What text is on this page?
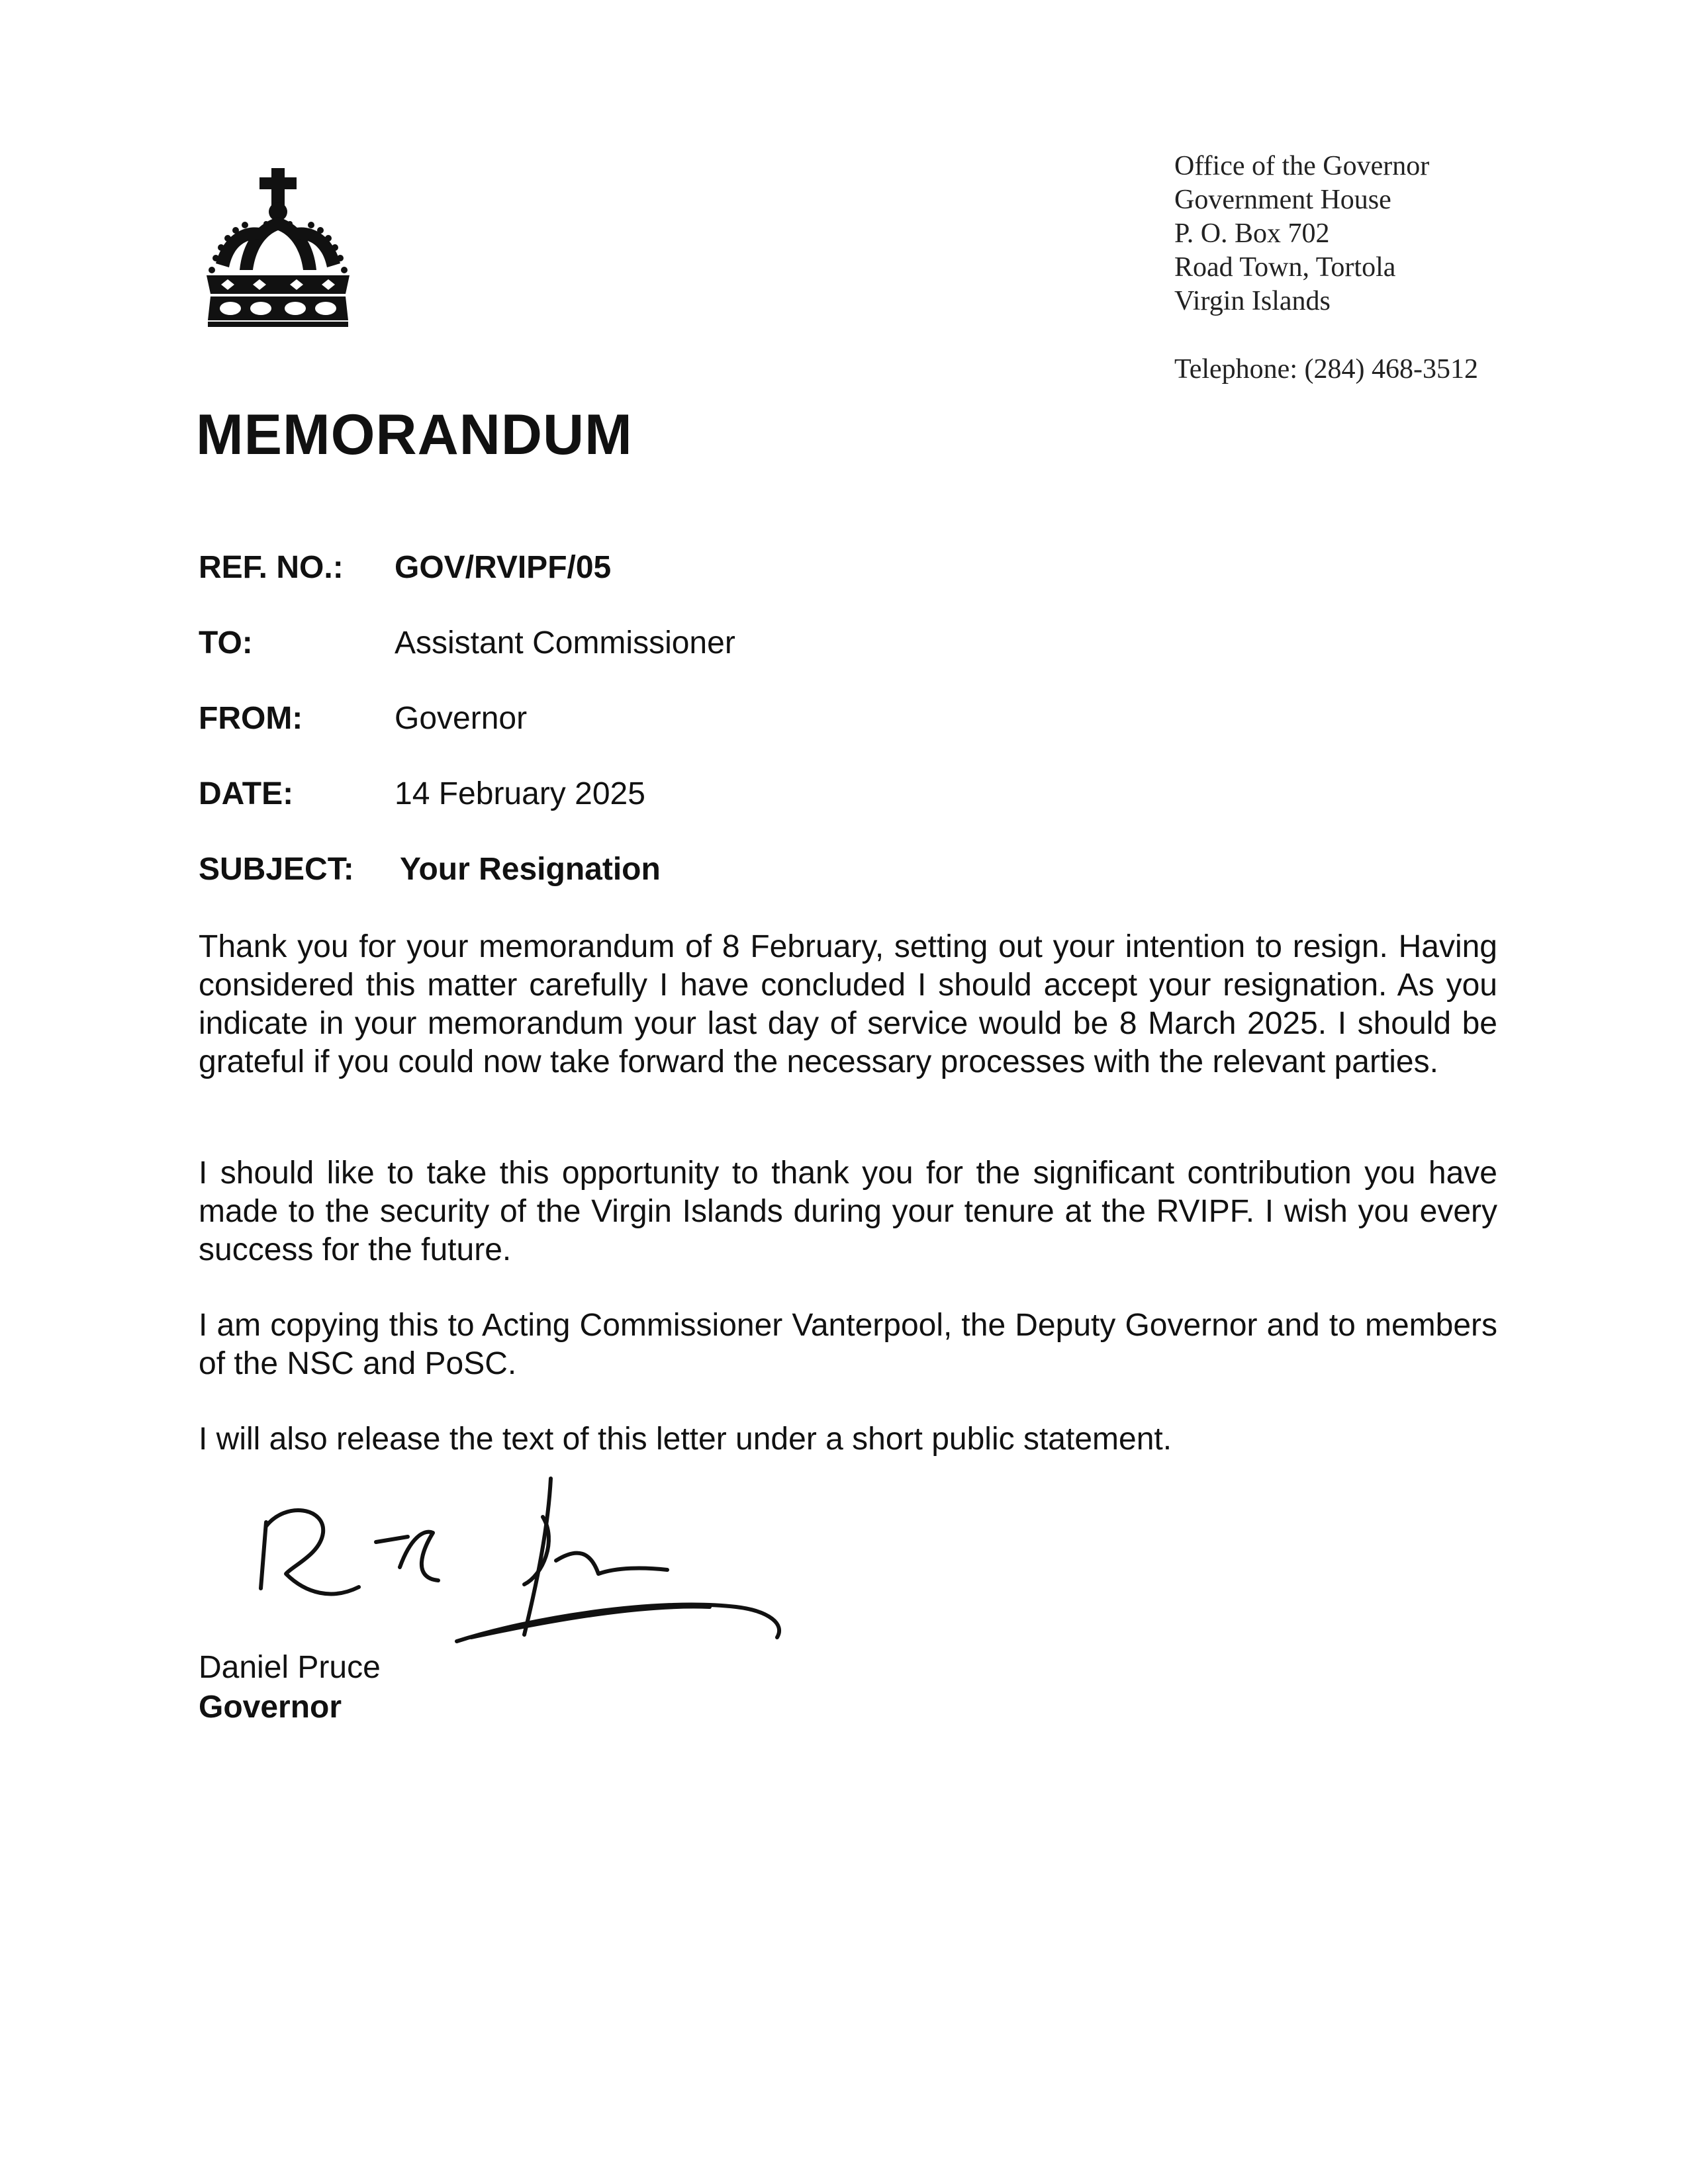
Office of the Governor
Government House
P. O. Box 702
Road Town, Tortola
Virgin Islands
Telephone: (284) 468-3512
MEMORANDUM
REF. NO.: GOV/RVIPF/05
TO:	Assistant Commissioner
FROM:	Governor
DATE:	14 February 2025
SUBJECT: Your Resignation
Thank you for your memorandum of 8 February, setting out your intention to resign. Having considered this matter carefully I have concluded I should accept your resignation. As you indicate in your memorandum your last day of service would be 8 March 2025. I should be grateful if you could now take forward the necessary processes with the relevant parties.
I should like to take this opportunity to thank you for the significant contribution you have made to the security of the Virgin Islands during your tenure at the RVIPF. I wish you every success for the future.
I am copying this to Acting Commissioner Vanterpool, the Deputy Governor and to members of the NSC and PoSC.
I will also release the text of this letter under a short public statement.
Daniel Pruce
Governor
